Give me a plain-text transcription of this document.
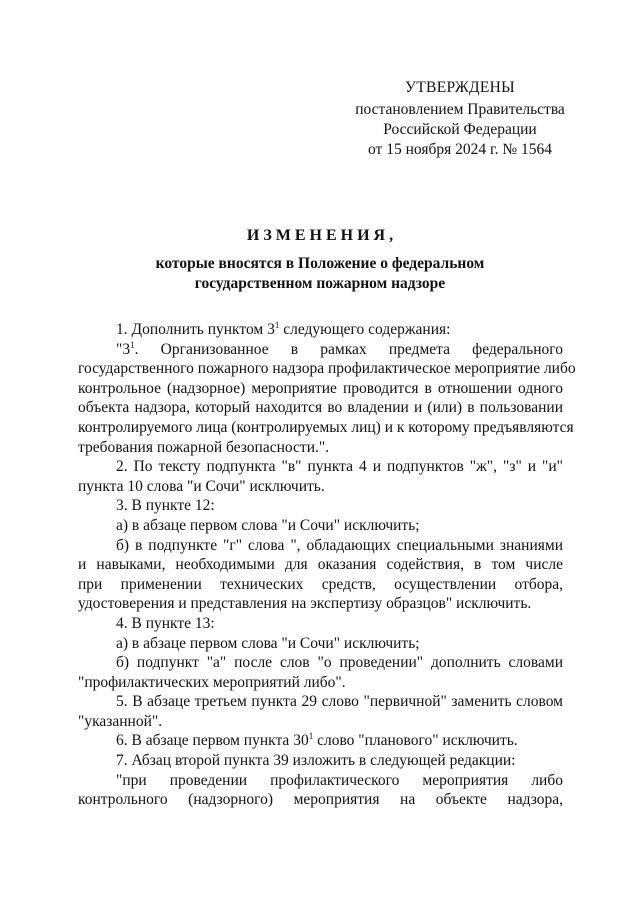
УТВЕРЖДЕНЫ
постановлением Правительства
Российской Федерации
от 15 ноября 2024 г. № 1564
ИЗМЕНЕНИЯ,
которые вносятся в Положение о федеральном
государственном пожарном надзоре
1. Дополнить пунктом $3^1$ следующего содержания:
"$3^1$. Организованное в рамках предмета федерального
государственного пожарного надзора профилактическое мероприятие либо
контрольное (надзорное) мероприятие проводится в отношении одного
объекта надзора, который находится во владении и (или) в пользовании
контролируемого лица (контролируемых лиц) и к которому предъявляются
требования пожарной безопасности.".
2. По тексту подпункта "в" пункта 4 и подпунктов "ж", "з" и "и"
пункта 10 слова "и Сочи" исключить.
3. В пункте 12:
а) в абзаце первом слова "и Сочи" исключить;
б) в подпункте "г" слова ", обладающих специальными знаниями
и навыками, необходимыми для оказания содействия, в том числе
при применении технических средств, осуществлении отбора,
удостоверения и представления на экспертизу образцов" исключить.
4. В пункте 13:
а) в абзаце первом слова "и Сочи" исключить;
б) подпункт "а" после слов "о проведении" дополнить словами
"профилактических мероприятий либо".
5. В абзаце третьем пункта 29 слово "первичной" заменить словом
"указанной".
6. В абзаце первом пункта $30^1$ слово "планового" исключить.
7. Абзац второй пункта 39 изложить в следующей редакции:
"при проведении профилактического мероприятия либо
контрольного (надзорного) мероприятия на объекте надзора,
